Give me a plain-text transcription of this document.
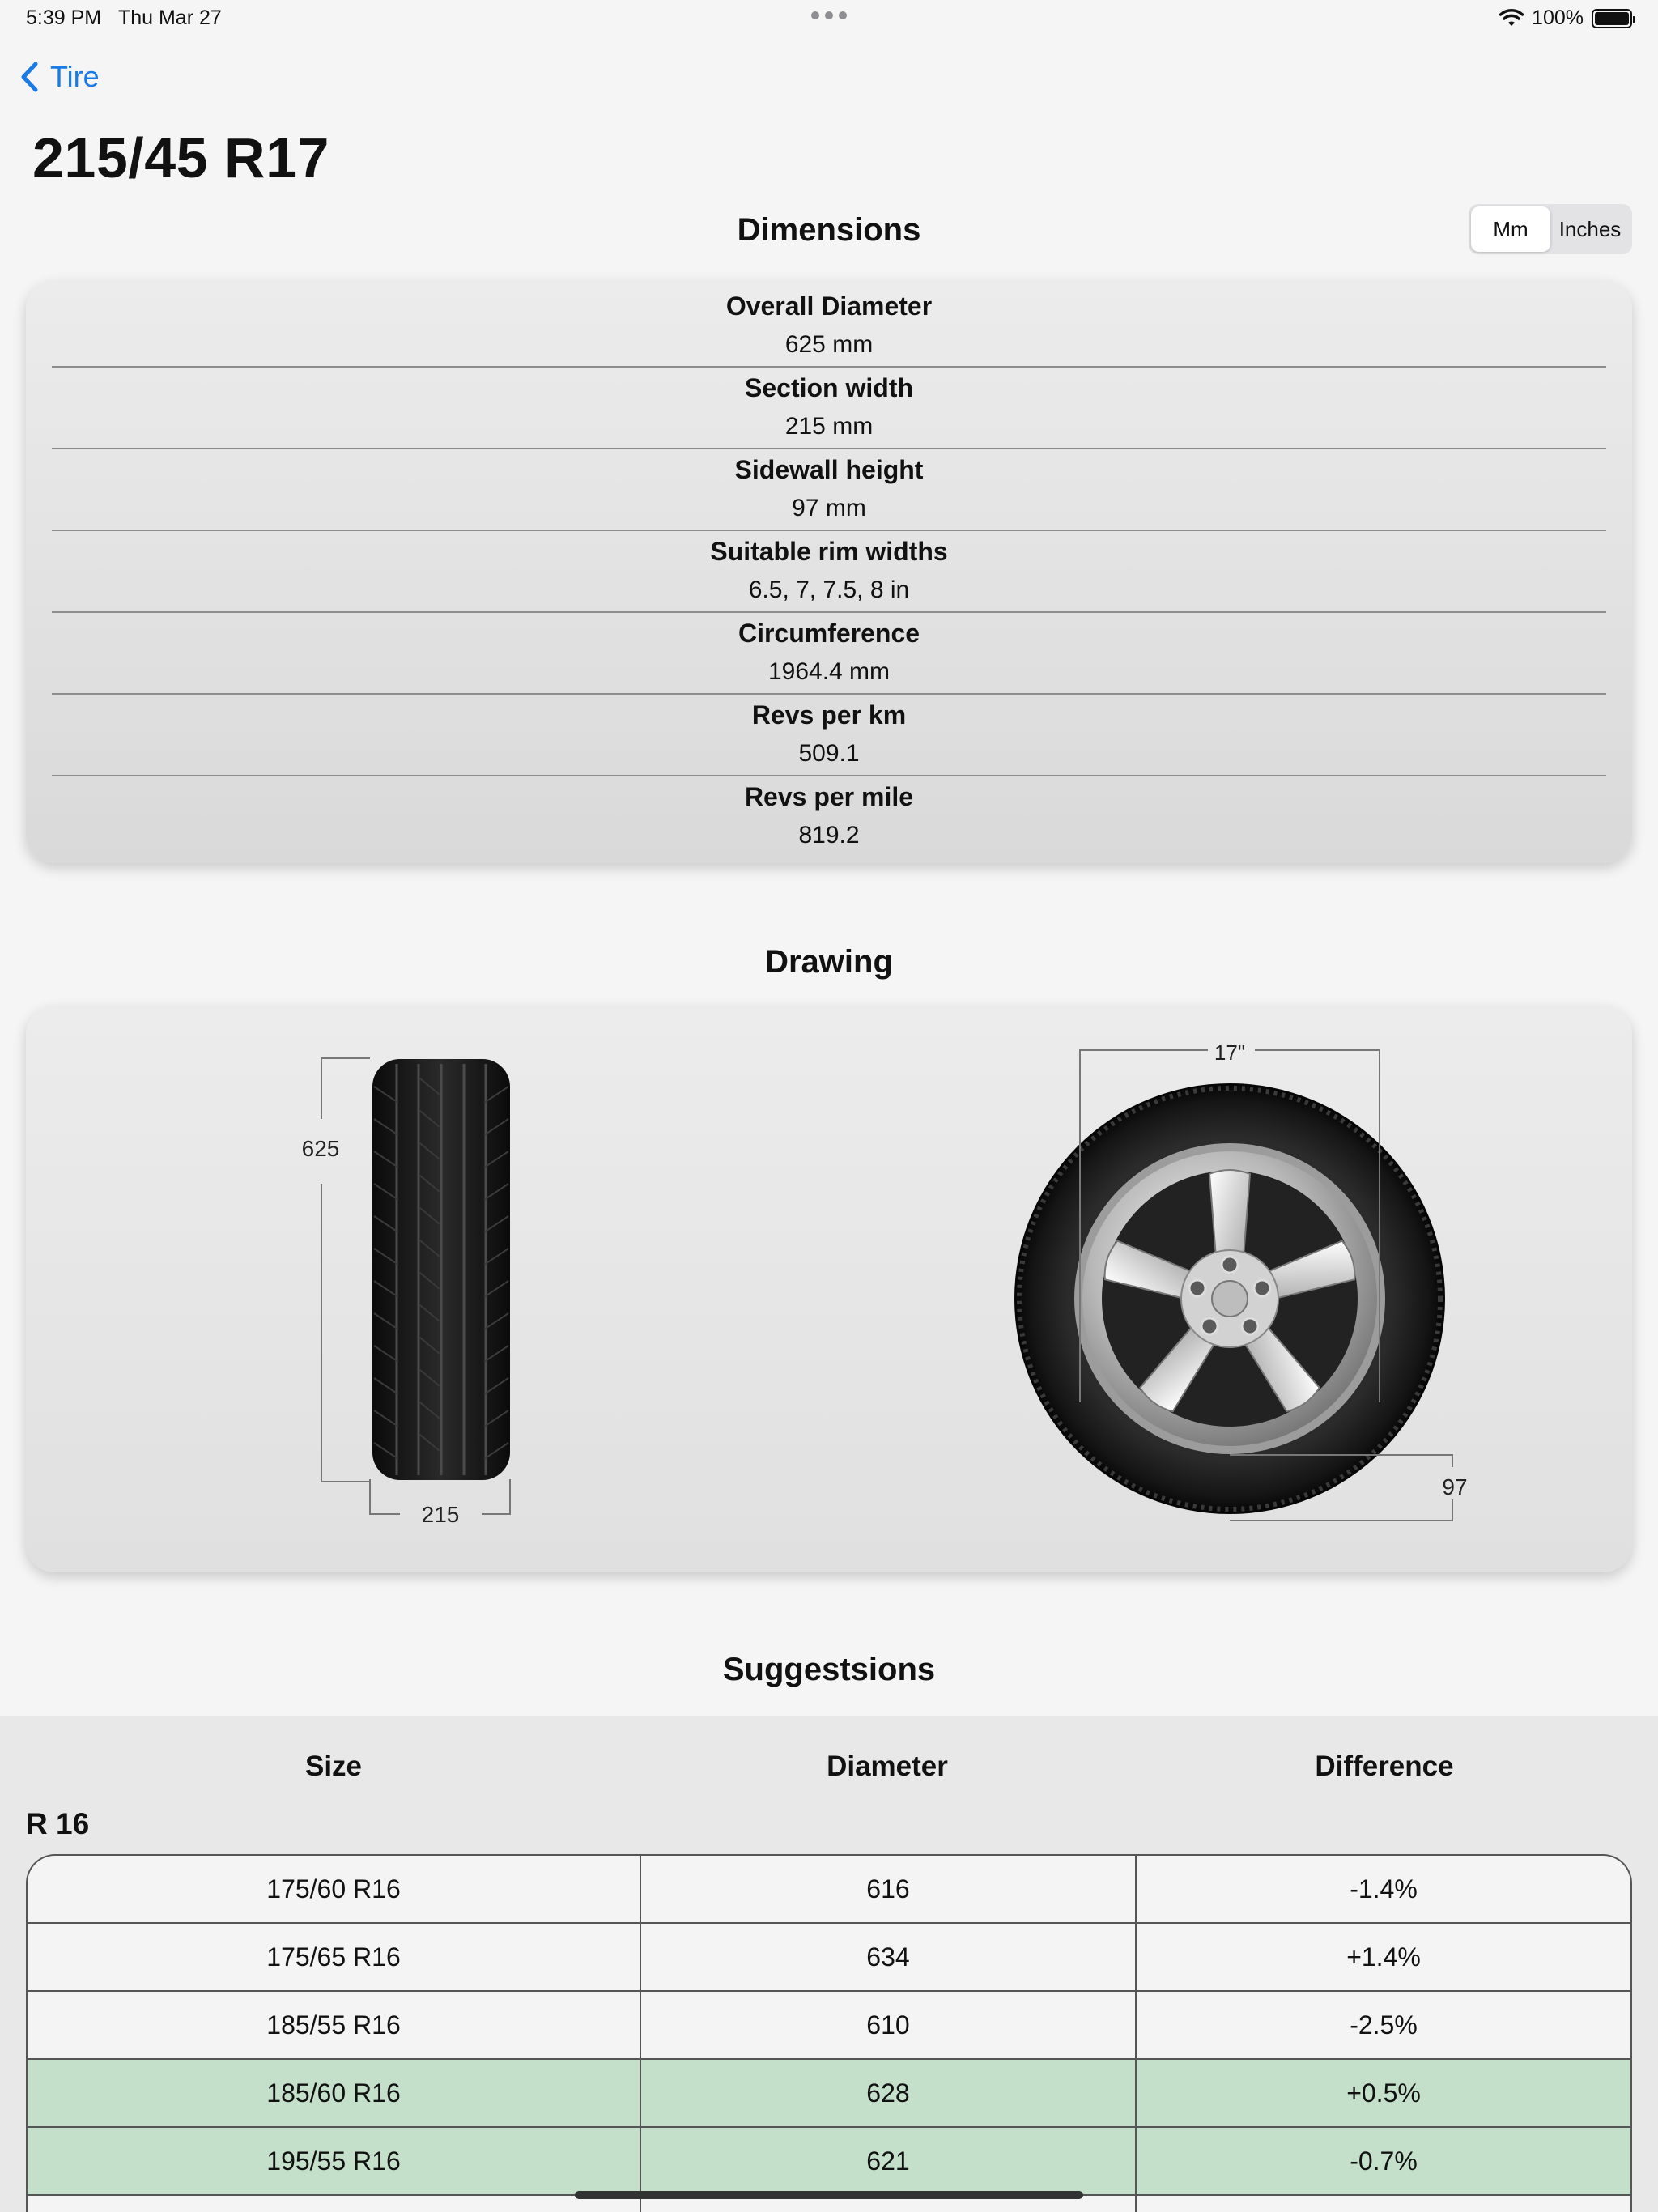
5:39 PM Thu Mar 27	100%
Tire
215/45 R17
Dimensions	Mm	Inches
Overall Diameter
625 mm
Section width
215 mm
Sidewall height
97 mm
Suitable rim widths
6.5, 7, 7.5, 8 in
Circumference
1964.4 mm
Revs per km
509.1
Revs per mile
819.2
Drawing
625
215
17"
97
Suggestsions
Size	Diameter	Difference
R 16
175/60 R16	616	-1.4%
175/65 R16	634	+1.4%
185/55 R16	610	-2.5%
185/60 R16	628	+0.5%
195/55 R16	621	-0.7%
